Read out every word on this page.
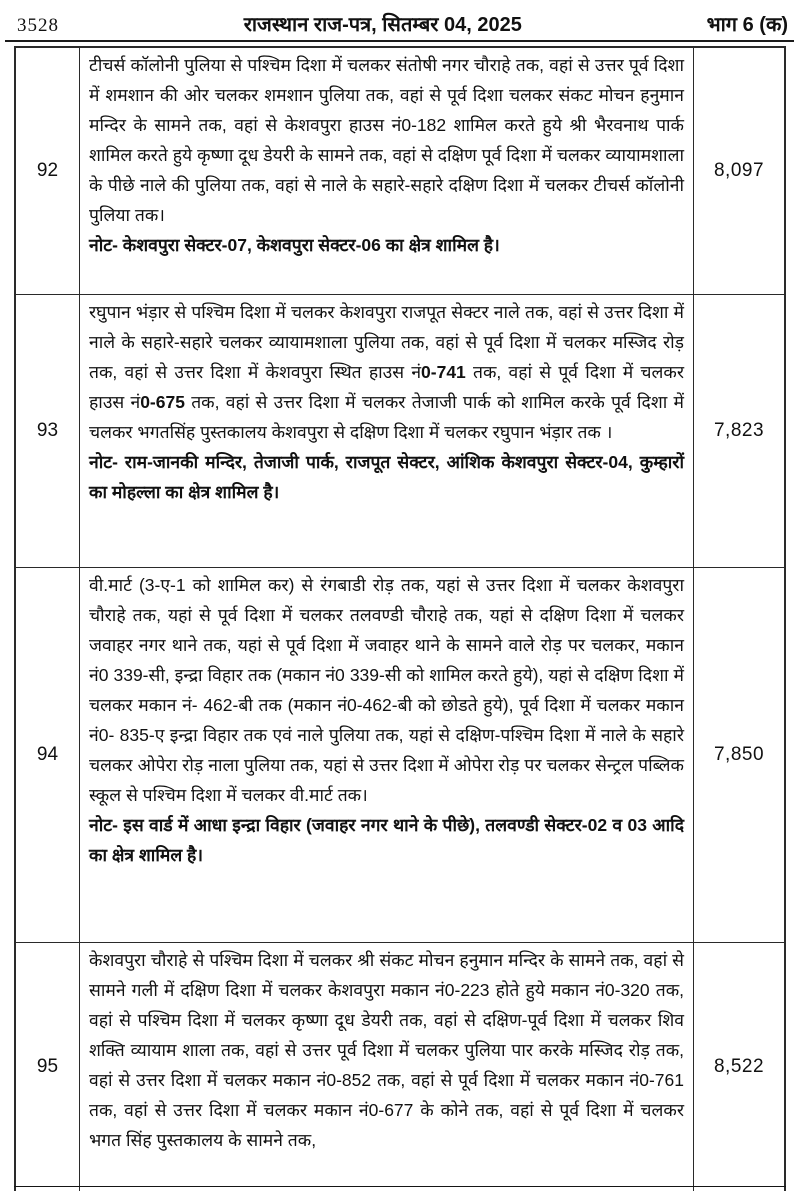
3528	राजस्थान राज-पत्र, सितम्बर 04, 2025	भाग 6 (क)
92
टीचर्स कॉलोनी पुलिया से पश्चिम दिशा में चलकर संतोषी नगर चौराहे तक, वहां से उत्तर पूर्व दिशा में शमशान की ओर चलकर शमशान पुलिया तक, वहां से पूर्व दिशा चलकर संकट मोचन हनुमान मन्दिर के सामने तक, वहां से केशवपुरा हाउस नं0-182 शामिल करते हुये श्री भैरवनाथ पार्क शामिल करते हुये कृष्णा दूध डेयरी के सामने तक, वहां से दक्षिण पूर्व दिशा में चलकर व्यायामशाला के पीछे नाले की पुलिया तक, वहां से नाले के सहारे-सहारे दक्षिण दिशा में चलकर टीचर्स कॉलोनी पुलिया तक।
नोट- केशवपुरा सेक्टर-07, केशवपुरा सेक्टर-06 का क्षेत्र शामिल है।
8,097
93
रघुपान भंड़ार से पश्चिम दिशा में चलकर केशवपुरा राजपूत सेक्टर नाले तक, वहां से उत्तर दिशा में नाले के सहारे-सहारे चलकर व्यायामशाला पुलिया तक, वहां से पूर्व दिशा में चलकर मस्जिद रोड़ तक, वहां से उत्तर दिशा में केशवपुरा स्थित हाउस नं0-741 तक, वहां से पूर्व दिशा में चलकर हाउस नं0-675 तक, वहां से उत्तर दिशा में चलकर तेजाजी पार्क को शामिल करके पूर्व दिशा में चलकर भगतसिंह पुस्तकालय केशवपुरा से दक्षिण दिशा में चलकर रघुपान भंड़ार तक ।
नोट- राम-जानकी मन्दिर, तेजाजी पार्क, राजपूत सेक्टर, आंशिक केशवपुरा सेक्टर-04, कुम्हारों का मोहल्ला का क्षेत्र शामिल है।
7,823
94
वी.मार्ट (3-ए-1 को शामिल कर) से रंगबाडी रोड़ तक, यहां से उत्तर दिशा में चलकर केशवपुरा चौराहे तक, यहां से पूर्व दिशा में चलकर तलवण्डी चौराहे तक, यहां से दक्षिण दिशा में चलकर जवाहर नगर थाने तक, यहां से पूर्व दिशा में जवाहर थाने के सामने वाले रोड़ पर चलकर, मकान नं0 339-सी, इन्द्रा विहार तक (मकान नं0 339-सी को शामिल करते हुये), यहां से दक्षिण दिशा में चलकर मकान नं- 462-बी तक (मकान नं0-462-बी को छोडते हुये), पूर्व दिशा में चलकर मकान नं0- 835-ए इन्द्रा विहार तक एवं नाले पुलिया तक, यहां से दक्षिण-पश्चिम दिशा में नाले के सहारे चलकर ओपेरा रोड़ नाला पुलिया तक, यहां से उत्तर दिशा में ओपेरा रोड़ पर चलकर सेन्ट्रल पब्लिक स्कूल से पश्चिम दिशा में चलकर वी.मार्ट तक।
नोट- इस वार्ड में आधा इन्द्रा विहार (जवाहर नगर थाने के पीछे), तलवण्डी सेक्टर-02 व 03 आदि का क्षेत्र शामिल है।
7,850
95
केशवपुरा चौराहे से पश्चिम दिशा में चलकर श्री संकट मोचन हनुमान मन्दिर के सामने तक, वहां से सामने गली में दक्षिण दिशा में चलकर केशवपुरा मकान नं0-223 होते हुये मकान नं0-320 तक, वहां से पश्चिम दिशा में चलकर कृष्णा दूध डेयरी तक, वहां से दक्षिण-पूर्व दिशा में चलकर शिव शक्ति व्यायाम शाला तक, वहां से उत्तर पूर्व दिशा में चलकर पुलिया पार करके मस्जिद रोड़ तक, वहां से उत्तर दिशा में चलकर मकान नं0-852 तक, वहां से पूर्व दिशा में चलकर मकान नं0-761 तक, वहां से उत्तर दिशा में चलकर मकान नं0-677 के कोने तक, वहां से पूर्व दिशा में चलकर भगत सिंह पुस्तकालय के सामने तक,
8,522
